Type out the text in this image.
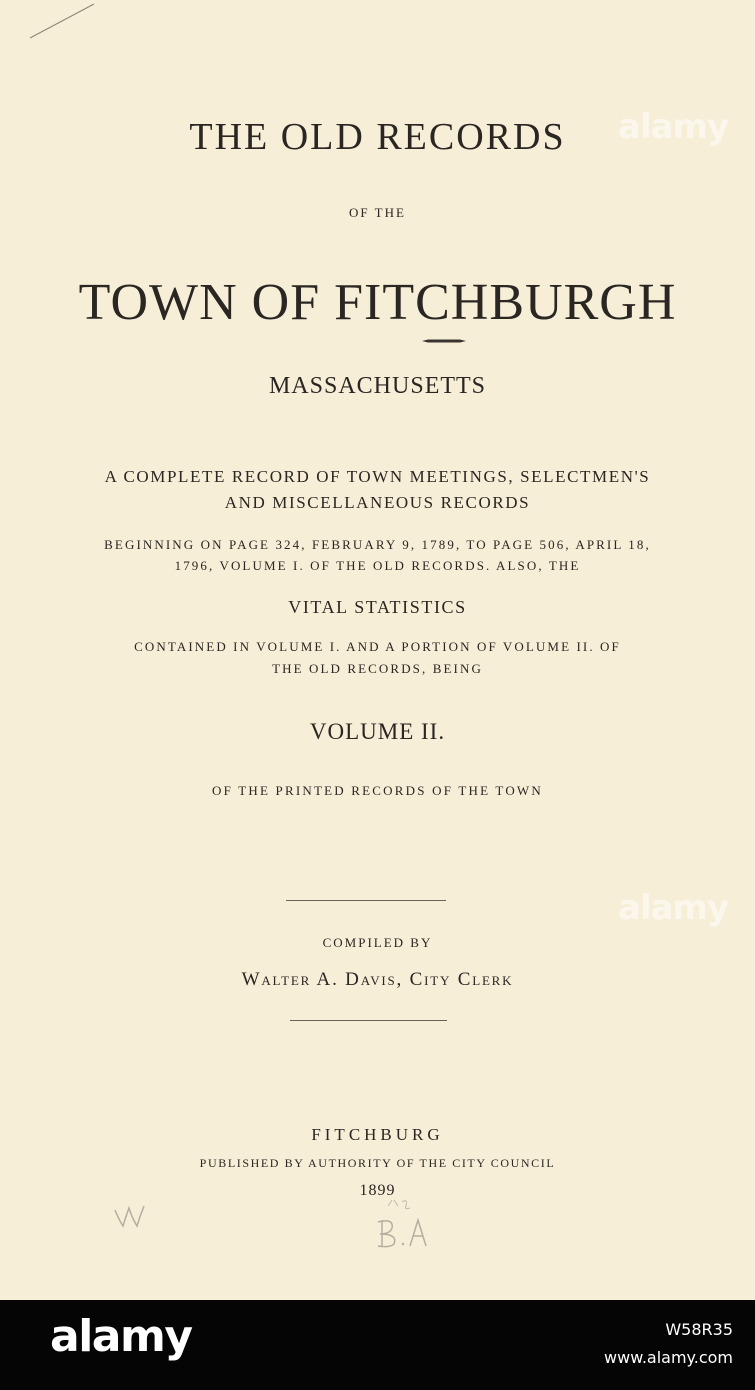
alamy
alamy
THE OLD RECORDS
OF THE
TOWN OF FITCHBURGH
MASSACHUSETTS
A COMPLETE RECORD OF TOWN MEETINGS, SELECTMEN'S
AND MISCELLANEOUS RECORDS
BEGINNING ON PAGE 324, FEBRUARY 9, 1789, TO PAGE 506, APRIL 18,
1796, VOLUME I. OF THE OLD RECORDS. ALSO, THE
VITAL STATISTICS
CONTAINED IN VOLUME I. AND A PORTION OF VOLUME II. OF
THE OLD RECORDS, BEING
VOLUME II.
OF THE PRINTED RECORDS OF THE TOWN
COMPILED BY
Walter A. Davis, City Clerk
FITCHBURG
PUBLISHED BY AUTHORITY OF THE CITY COUNCIL
1899
alamy	W58R35
www.alamy.com
